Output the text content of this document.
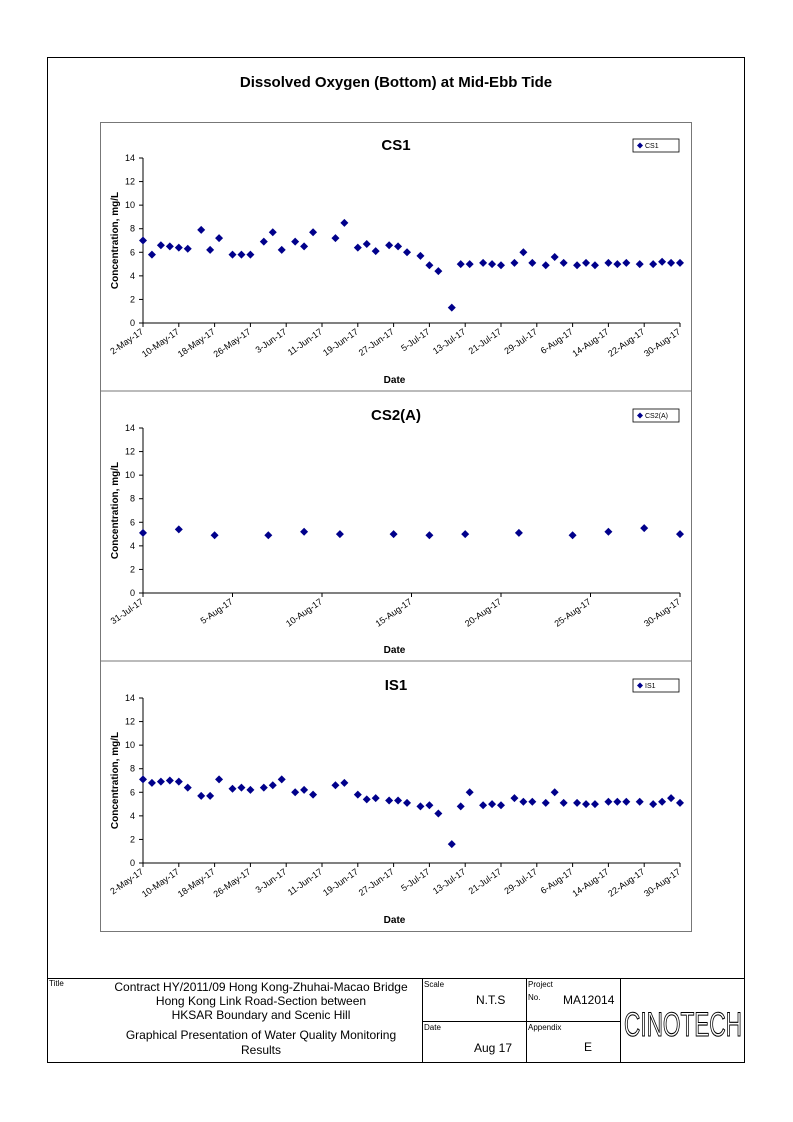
Dissolved Oxygen (Bottom) at Mid-Ebb Tide
CS1
0
2
4
6
8
10
12
14
2-May-17
10-May-17
18-May-17
26-May-17 3-Jun-17
11-Jun-17
19-Jun-17
27-Jun-17 5-Jul-17 13-Jul-17 21-Jul-17 29-Jul-17 6-Aug-17
14-Aug-17
22-Aug-17
30-Aug-17
Date
Concentration, mg/L
CS1
CS2(A)
0
2
4
6
8
10
12
14
31-Jul-17	5-Aug-17	10-Aug-17	15-Aug-17	20-Aug-17	25-Aug-17	30-Aug-17
Date
Concentration, mg/L
CS2(A)
IS1
0
2
4
6
8
10
12
14
2-May-17
10-May-17
18-May-17
26-May-17 3-Jun-17
11-Jun-17
19-Jun-17
27-Jun-17 5-Jul-17 13-Jul-17 21-Jul-17 29-Jul-17 6-Aug-17
14-Aug-17
22-Aug-17
30-Aug-17
Date
Concentration, mg/L
IS1
Title	Contract HY/2011/09 Hong Kong-Zhuhai-Macao Bridge
Hong Kong Link Road-Section between
HKSAR Boundary and Scenic Hill
Graphical Presentation of Water Quality Monitoring
Results
Scale
N.T.S
Date
Aug 17
Project
No. MA12014
Appendix
E
CINOTECH
